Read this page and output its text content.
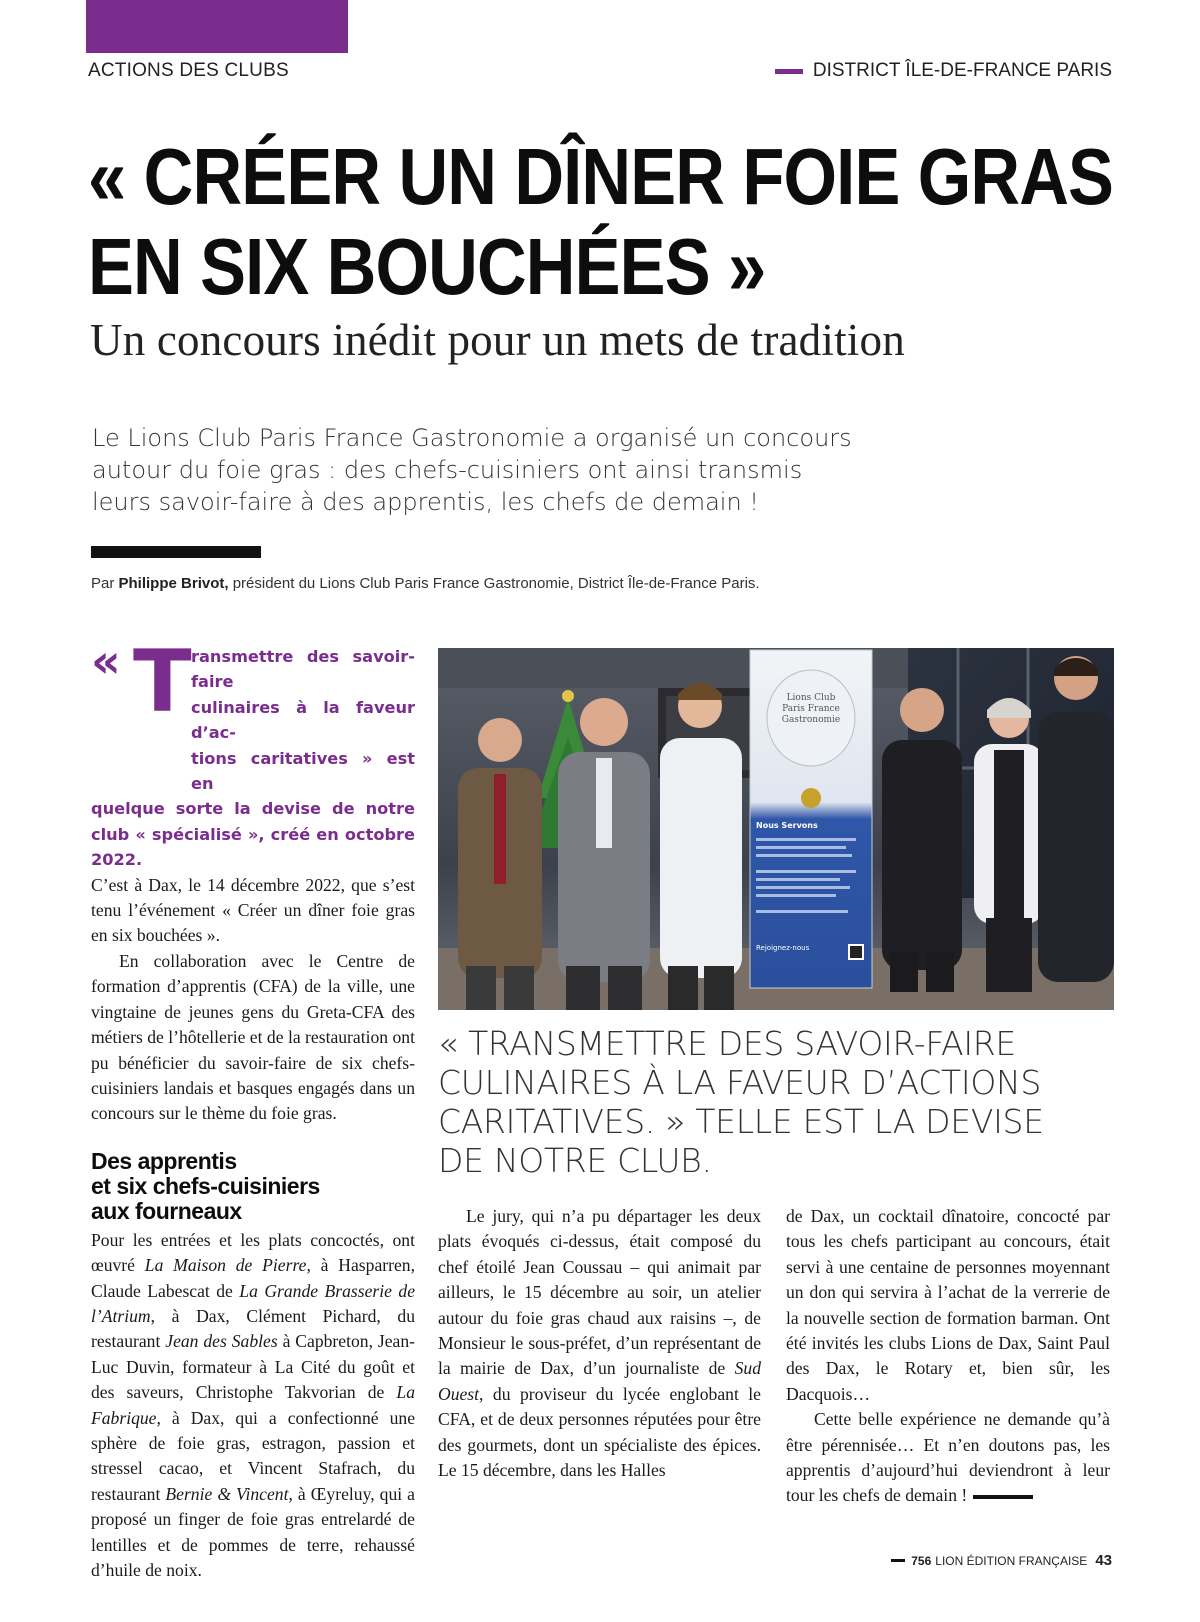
ACTIONS DES CLUBS	DISTRICT ÎLE-DE-FRANCE PARIS
« CRÉER UN DÎNER FOIE GRAS
EN SIX BOUCHÉES »
Un concours inédit pour un mets de tradition
Le Lions Club Paris France Gastronomie a organisé un concours
autour du foie gras : des chefs-cuisiniers ont ainsi transmis
leurs savoir-faire à des apprentis, les chefs de demain !
Par Philippe Brivot, président du Lions Club Paris France Gastronomie, District Île-de-France Paris.
« T ransmettre des savoir-faire
culinaires à la faveur d’ac-
tions caritatives » est en
quelque sorte la devise de notre club « spécialisé », créé en octobre 2022.

C’est à Dax, le 14 décembre 2022, que s’est tenu l’événement « Créer un dîner foie gras en six bouchées ».

En collaboration avec le Centre de formation d’apprentis (CFA) de la ville, une vingtaine de jeunes gens du Greta-CFA des métiers de l’hôtellerie et de la restauration ont pu bénéficier du savoir-faire de six chefs-cuisiniers landais et basques engagés dans un concours sur le thème du foie gras.

Des apprentis
et six chefs-cuisiniers
aux fourneaux

Pour les entrées et les plats concoctés, ont œuvré La Maison de Pierre, à Hasparren, Claude Labescat de La Grande Brasserie de l’Atrium, à Dax, Clément Pichard, du restaurant Jean des Sables à Capbreton, Jean-Luc Duvin, formateur à La Cité du goût et des saveurs, Christophe Takvorian de La Fabrique, à Dax, qui a confectionné une sphère de foie gras, estragon, passion et stressel cacao, et Vincent Stafrach, du restaurant Bernie & Vincent, à Œyreluy, qui a proposé un finger de foie gras entrelardé de lentilles et de pommes de terre, rehaussé d’huile de noix.

Lions Club
Paris France
Gastronomie
Nous Servons
Rejoignez-nous
« TRANSMETTRE DES SAVOIR-FAIRE
CULINAIRES À LA FAVEUR D’ACTIONS
CARITATIVES. » TELLE EST LA DEVISE
DE NOTRE CLUB.

Le jury, qui n’a pu départager les deux plats évoqués ci-dessus, était composé du chef étoilé Jean Coussau – qui animait par ailleurs, le 15 décembre au soir, un atelier autour du foie gras chaud aux raisins –, de Monsieur le sous-préfet, d’un représentant de la mairie de Dax, d’un journaliste de Sud Ouest, du proviseur du lycée englobant le CFA, et de deux personnes réputées pour être des gourmets, dont un spécialiste des épices. Le 15 décembre, dans les Halles

de Dax, un cocktail dînatoire, concocté par tous les chefs participant au concours, était servi à une centaine de personnes moyennant un don qui servira à l’achat de la verrerie de la nouvelle section de formation barman. Ont été invités les clubs Lions de Dax, Saint Paul des Dax, le Rotary et, bien sûr, les Dacquois…

Cette belle expérience ne demande qu’à être pérennisée… Et n’en doutons pas, les apprentis d’aujourd’hui deviendront à leur tour les chefs de demain !

756 LION ÉDITION FRANÇAISE 43
